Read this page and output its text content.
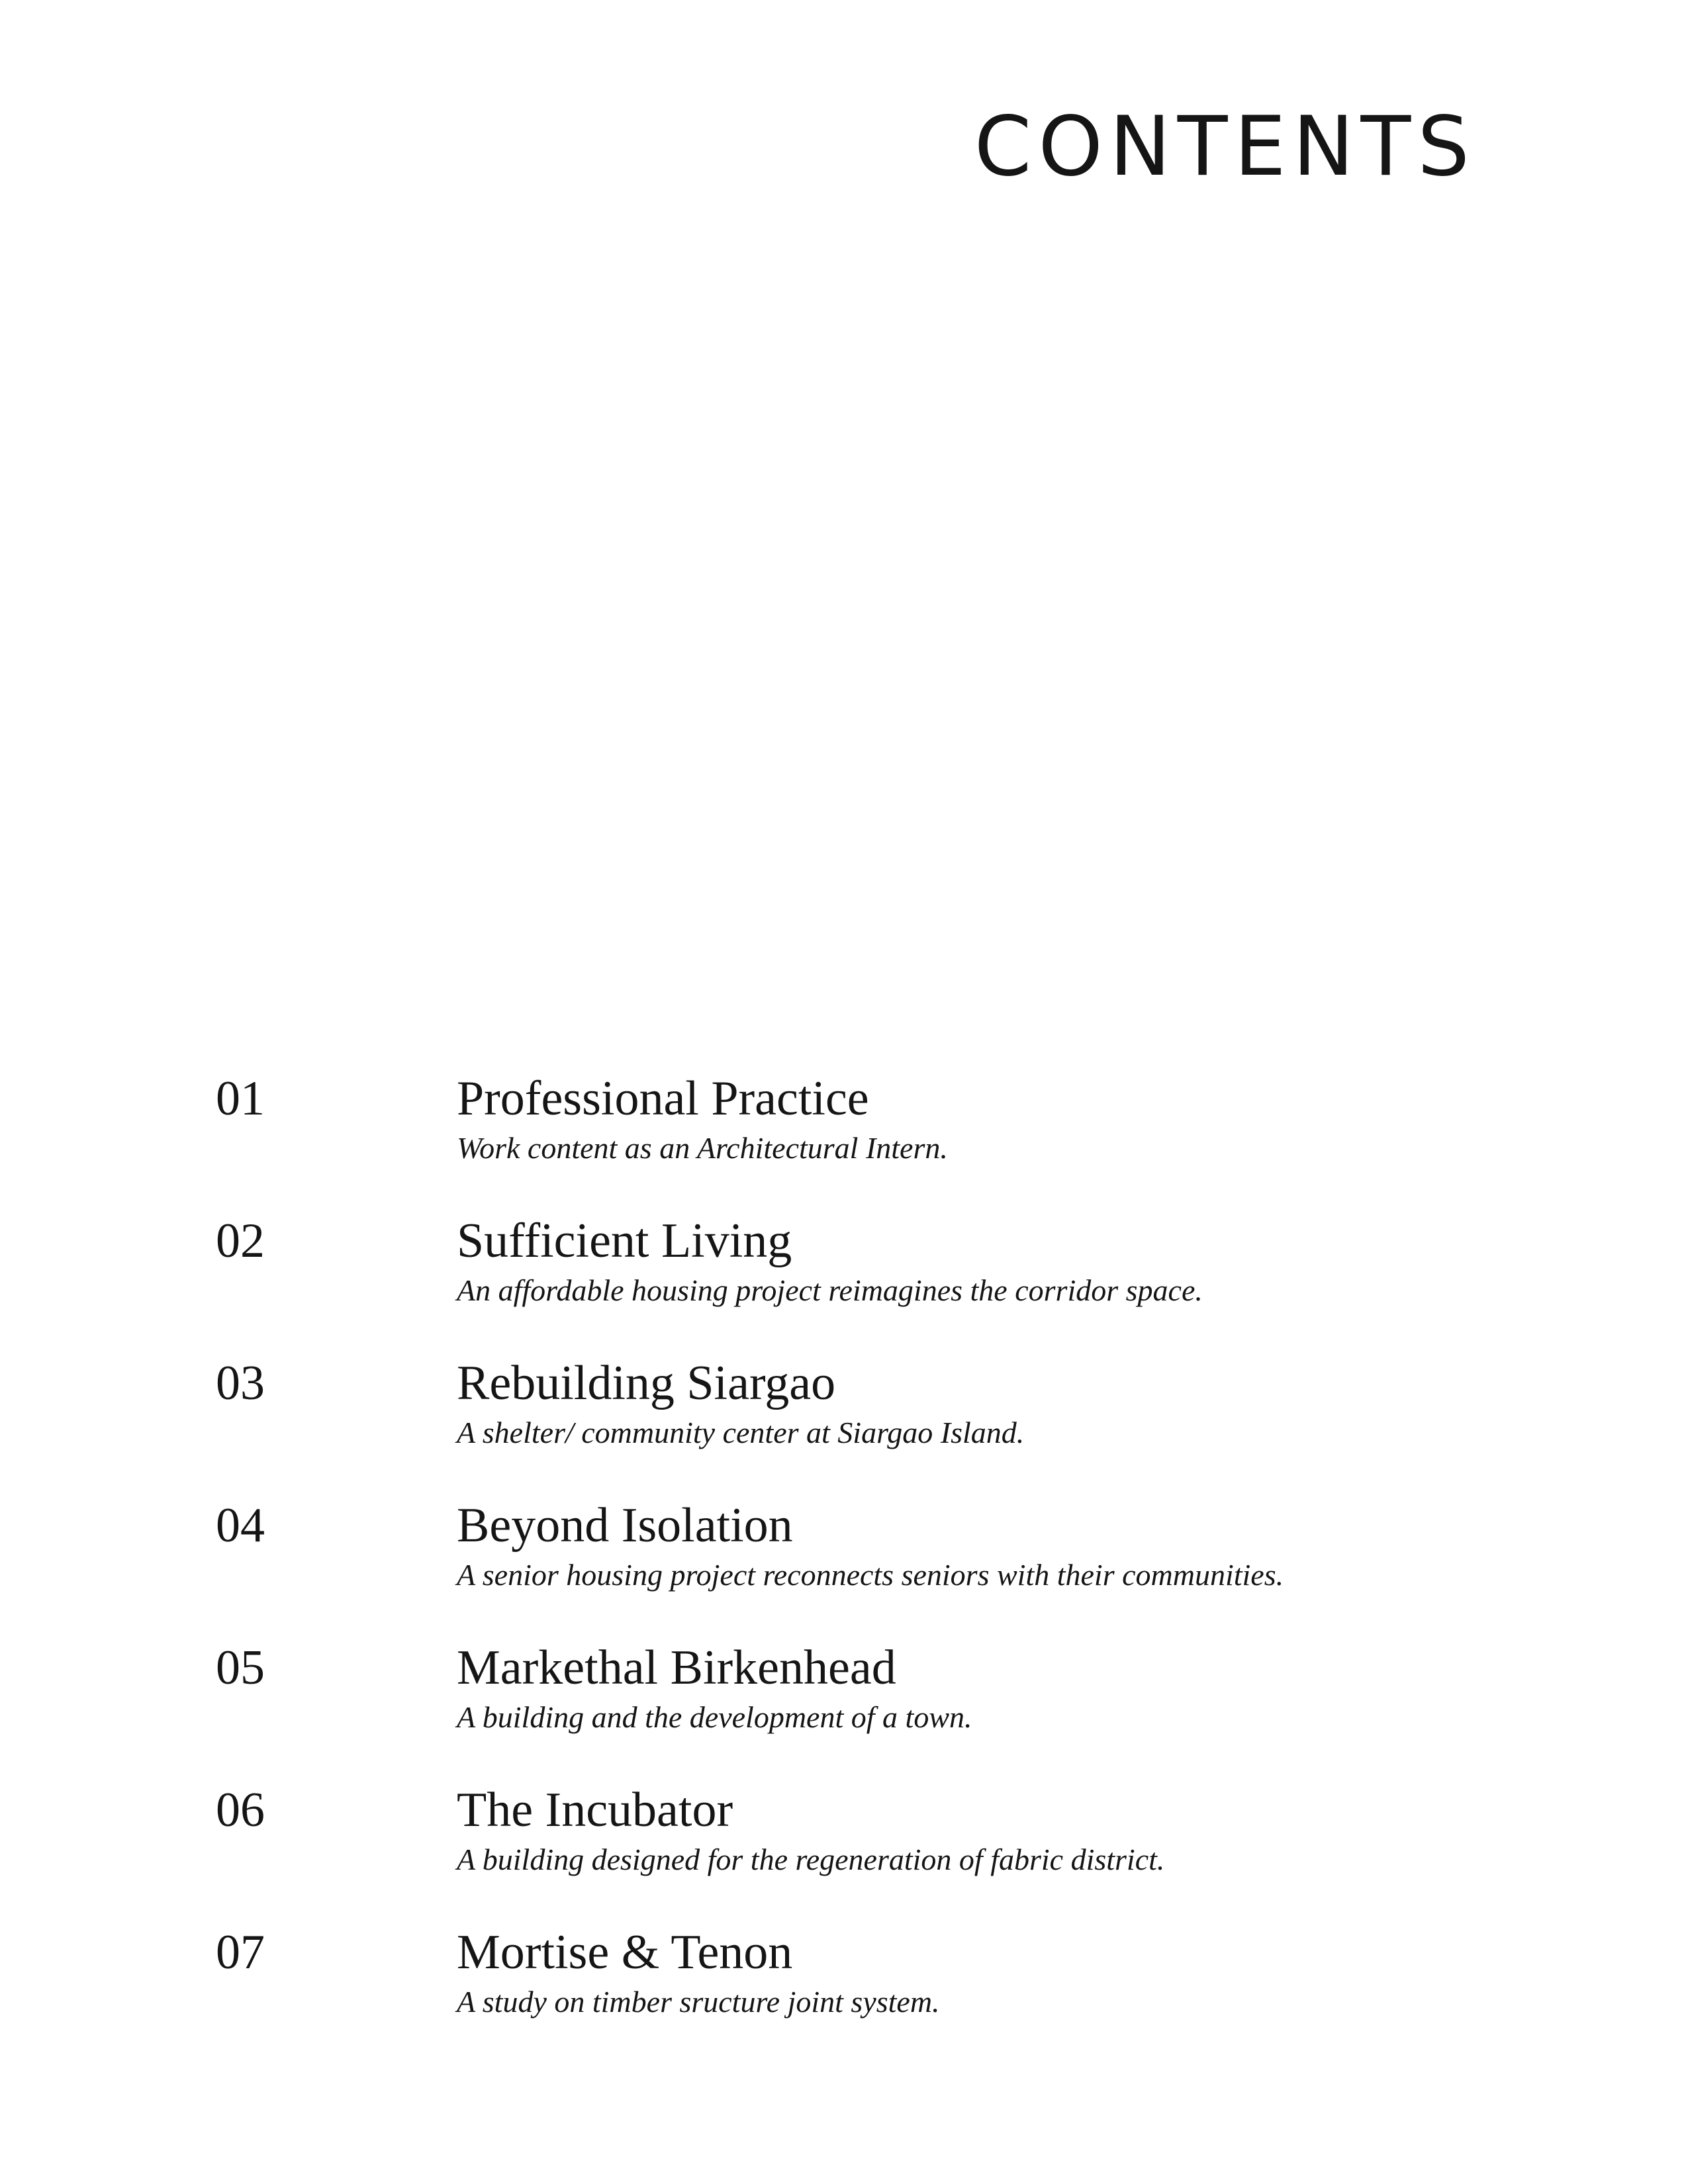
CONTENTS
01	Professional Practice
Work content as an Architectural Intern.
02	Sufficient Living
An affordable housing project reimagines the corridor space.
03	Rebuilding Siargao
A shelter/ community center at Siargao Island.
04	Beyond Isolation
A senior housing project reconnects seniors with their communities.
05	Markethal Birkenhead
A building and the development of a town.
06	The Incubator
A building designed for the regeneration of fabric district.
07	Mortise & Tenon
A study on timber sructure joint system.
